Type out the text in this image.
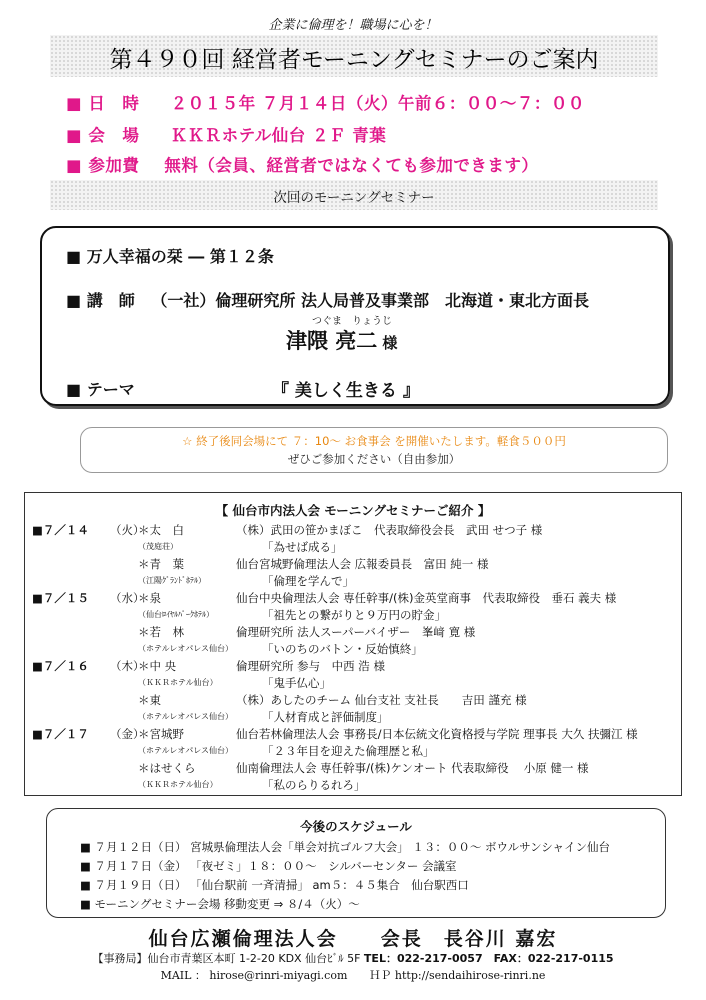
企業に倫理を！職場に心を！
第４９０回 経営者モーニングセミナーのご案内
■ 日　時 ２０１５年 ７月１４日（火）午前６：００～７：００
■ 会　場 ＫＫＲホテル仙台 ２Ｆ 青葉
■ 参加費 無料（会員、経営者ではなくても参加できます）
次回のモーニングセミナー
■ 万人幸福の栞 ― 第１２条
■ 講　師 （一社）倫理研究所 法人局普及事業部　北海道・東北方面長
つぐま　りょうじ
津隈 亮二 様
■ テーマ	『 美しく生きる 』
☆ 終了後同会場にて ７：10～ お食事会 を開催いたします。軽食５００円
ぜひご参加ください（自由参加）
【 仙台市内法人会 モーニングセミナーご紹介 】
■７／１４ （火）
＊太　白	（株）武田の笹かまぼこ　代表取締役会長　武田 せつ子 様
（茂庭荘）	「為せば成る」
＊青　葉	仙台宮城野倫理法人会 広報委員長　富田 純一 様
（江陽ｸﾞﾗﾝﾄﾞﾎﾃﾙ）	「倫理を学んで」
■７／１５ （水）
＊泉	仙台中央倫理法人会 専任幹事/(株)金英堂商事　代表取締役　垂石 義夫 様
（仙台ﾛｲﾔﾙﾊﾟｰｸﾎﾃﾙ）	「祖先との繋がりと９万円の貯金」
＊若　林	倫理研究所 法人スーパーバイザー　峯﨑 寛 様
（ホテルレオパレス仙台）	「いのちのバトン・反始慎終」
■７／１６ （木）
＊中 央	倫理研究所 参与　中西 浩 様
（ＫＫＲホテル仙台）	「鬼手仏心」
＊東	（株）あしたのチーム 仙台支社 支社長　　吉田 謹充 様
（ホテルレオパレス仙台）	「人材育成と評価制度」
■７／１７ （金）
＊宮城野	仙台若林倫理法人会 事務長/日本伝統文化資格授与学院 理事長 大久 扶彌江 様
（ホテルレオパレス仙台）	「２３年目を迎えた倫理歴と私」
＊はせくら	仙南倫理法人会 専任幹事/(株)ケンオート 代表取締役　 小原 健一 様
（ＫＫＲホテル仙台）	「私のらりるれろ」
今後のスケジュール
■ ７月１２日（日） 宮城県倫理法人会「単会対抗ゴルフ大会」 １３：００～ ボウルサンシャイン仙台
■ ７月１７日（金） 「夜ゼミ」１８：００～　シルバーセンター 会議室
■ ７月１９日（日） 「仙台駅前 一斉清掃」 am５：４５集合　仙台駅西口
■ モーニングセミナー会場 移動変更 ⇒ ８/４（火）～
仙台広瀬倫理法人会 会長　長谷川 嘉宏
【事務局】仙台市青葉区本町 1-2-20 KDX 仙台ﾋﾞﾙ 5F TEL：022-217-0057　FAX：022-217-0115
MAIL ： hirose@rinri-miyagi.com　　ＨＰ http://sendaihirose-rinri.ne
